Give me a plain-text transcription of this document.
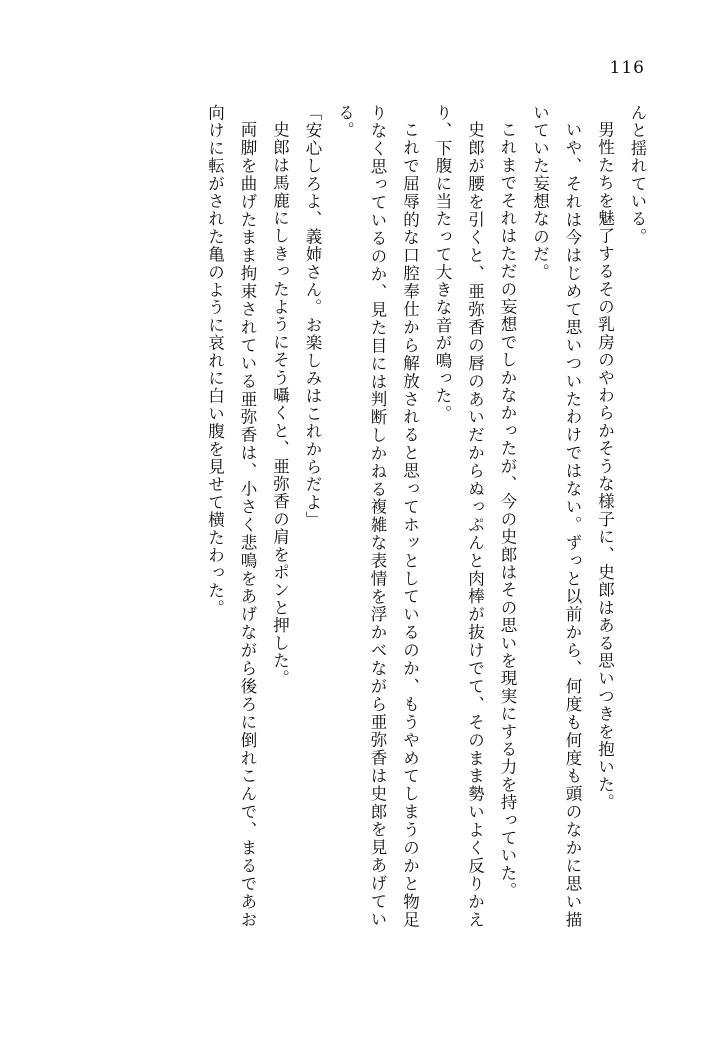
116

んと揺れている。

男性たちを魅了するその乳房のやわらかそうな様子に、史郎はある思いつきを抱いた。

いや、それは今はじめて思いついたわけではない。ずっと以前から、何度も何度も頭のなかに思い描いていた妄想なのだ。

これまでそれはただの妄想でしかなかったが、今の史郎はその思いを現実にする力を持っていた。

史郎が腰を引くと、亜弥香の唇のあいだからぬっぷんと肉棒が抜けでて、そのまま勢いよく反りかえり、下腹に当たって大きな音が鳴った。

これで屈辱的な口腔奉仕から解放されると思ってホッとしているのか、もうやめてしまうのかと物足りなく思っているのか、見た目には判断しかねる複雑な表情を浮かべながら亜弥香は史郎を見あげている。

「安心しろよ、義姉さん。お楽しみはこれからだよ」

史郎は馬鹿にしきったようにそう囁くと、亜弥香の肩をポンと押した。

両脚を曲げたまま拘束されている亜弥香は、小さく悲鳴をあげながら後ろに倒れこんで、まるであお向けに転がされた亀のように哀れに白い腹を見せて横たわった。
